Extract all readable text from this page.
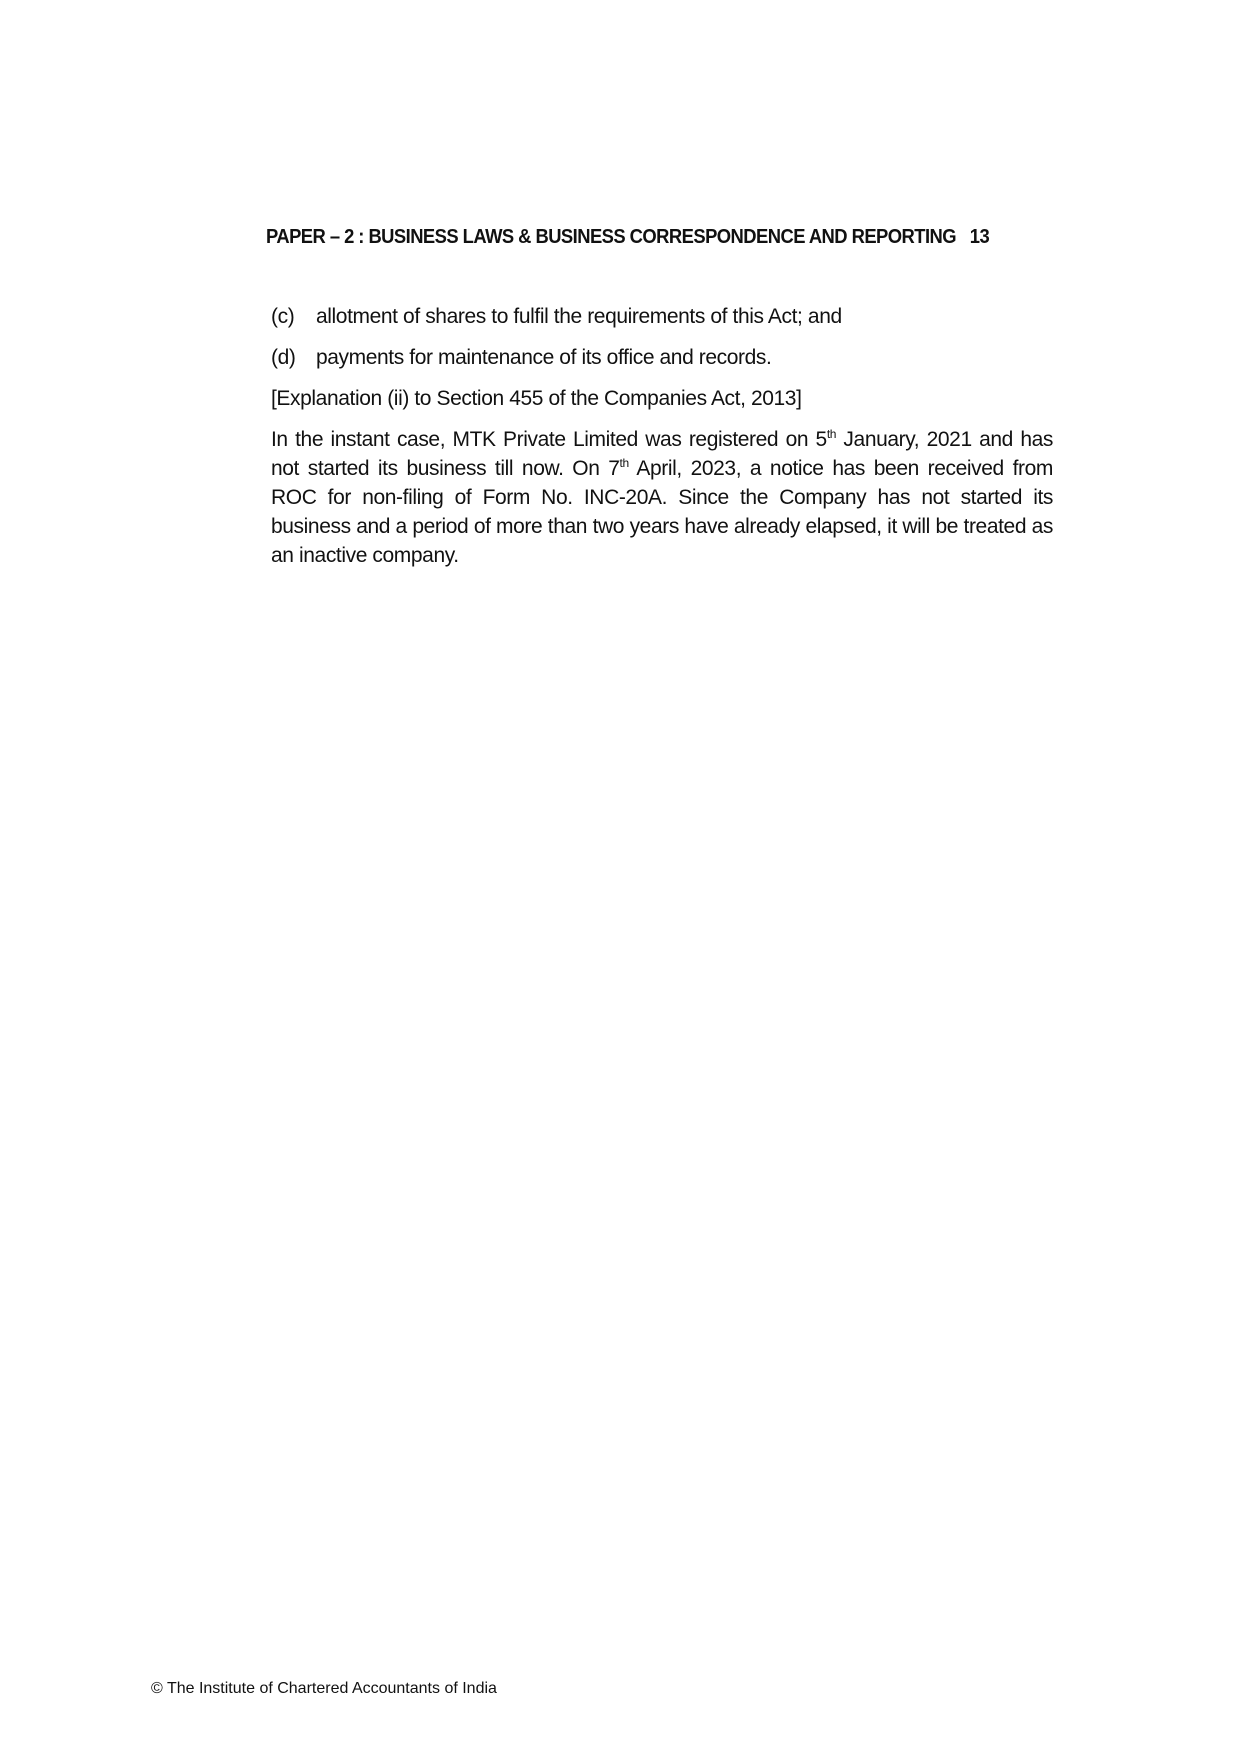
PAPER – 2 : BUSINESS LAWS & BUSINESS CORRESPONDENCE AND REPORTING 13
(c)	allotment of shares to fulfil the requirements of this Act; and
(d) payments for maintenance of its office and records.
[Explanation (ii) to Section 455 of the Companies Act, 2013]

In the instant case, MTK Private Limited was registered on 5th January, 2021 and has not started its business till now. On 7th April, 2023, a notice has been received from ROC for non-filing of Form No. INC-20A. Since the Company has not started its business and a period of more than two years have already elapsed, it will be treated as an inactive company.

© The Institute of Chartered Accountants of India
